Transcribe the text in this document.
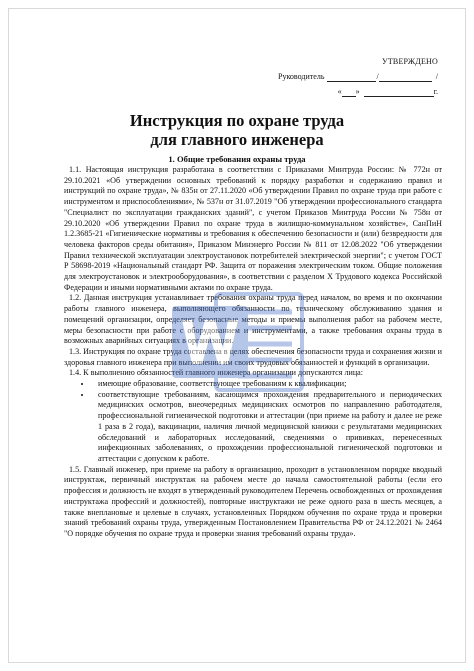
УТВЕРЖДЕНО
Руководитель	/	/
« »	г.
Инструкция по охране труда
для главного инженера
1. Общие требования охраны труда

1.1. Настоящая инструкция разработана в соответствии с Приказами Минтруда России: № 772н от 29.10.2021 «Об утверждении основных требований к порядку разработки и содержанию правил и инструкций по охране труда», № 835н от 27.11.2020 «Об утверждении Правил по охране труда при работе с инструментом и приспособлениями», № 537н от 31.07.2019 "Об утверждении профессионального стандарта "Специалист по эксплуатации гражданских зданий", с учетом Приказов Минтруда России № 758н от 29.10.2020 «Об утверждении Правил по охране труда в жилищно-коммунальном хозяйстве», СанПиН 1.2.3685-21 «Гигиенические нормативы и требования к обеспечению безопасности и (или) безвредности для человека факторов среды обитания», Приказом Минэнерго России № 811 от 12.08.2022 "Об утверждении Правил технической эксплуатации электроустановок потребителей электрической энергии"; с учетом ГОСТ Р 58698-2019 «Национальный стандарт РФ. Защита от поражения электрическим током. Общие положения для электроустановок и электрооборудования», в соответствии с разделом Х Трудового кодекса Российской Федерации и иными нормативными актами по охране труда.

1.2. Данная инструкция устанавливает требования охраны труда перед началом, во время и по окончании работы главного инженера, выполняющего обязанности по техническому обслуживанию здания и помещений организации, определяет безопасные методы и приемы выполнения работ на рабочем месте, меры безопасности при работе с оборудованием и инструментами, а также требования охраны труда в возможных аварийных ситуациях в организации.

1.3. Инструкция по охране труда составлена в целях обеспечения безопасности труда и сохранения жизни и здоровья главного инженера при выполнении им своих трудовых обязанностей и функций в организации.

1.4. К выполнению обязанностей главного инженера организации допускаются лица:

• имеющие образование, соответствующее требованиям к квалификации;
• соответствующие требованиям, касающимся прохождения предварительного и периодических медицинских осмотров, внеочередных медицинских осмотров по направлению работодателя, профессиональной гигиенической подготовки и аттестации (при приеме на работу и далее не реже 1 раза в 2 года), вакцинации, наличия личной медицинской книжки с результатами медицинских обследований и лабораторных исследований, сведениями о прививках, перенесенных инфекционных заболеваниях, о прохождении профессиональной гигиенической подготовки и аттестации с допуском к работе.

1.5. Главный инженер, при приеме на работу в организацию, проходит в установленном порядке вводный инструктаж, первичный инструктаж на рабочем месте до начала самостоятельной работы (если его профессия и должность не входят в утвержденный руководителем Перечень освобожденных от прохождения инструктажа профессий и должностей), повторные инструктажи не реже одного раза в шесть месяцев, а также внеплановые и целевые в случаях, установленных Порядком обучения по охране труда и проверки знаний требований охраны труда, утвержденным Постановлением Правительства РФ от 24.12.2021 № 2464 "О порядке обучения по охране труда и проверки знания требований охраны труда».
